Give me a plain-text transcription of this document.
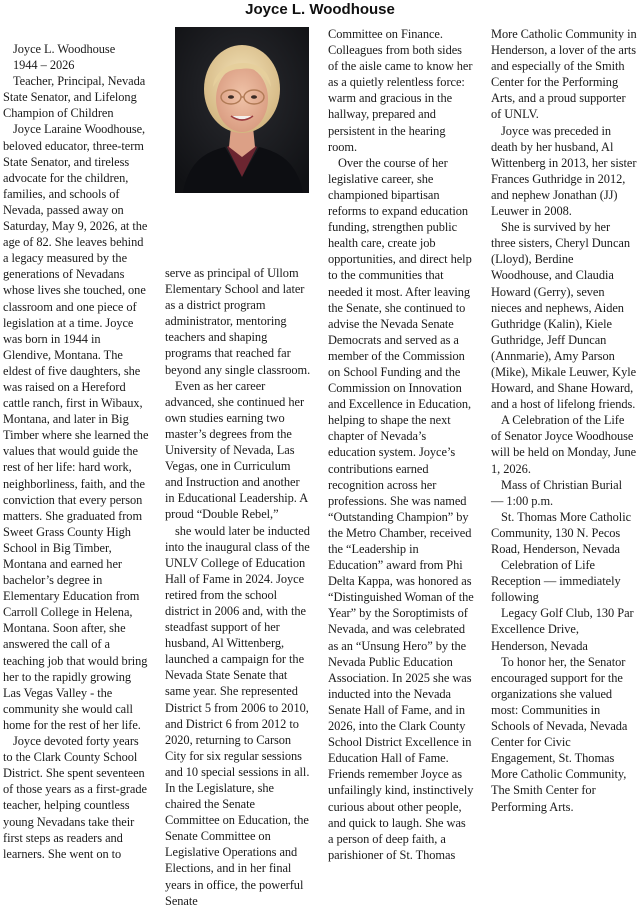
Joyce L. Woodhouse

Joyce L. Woodhouse

1944 – 2026

Teacher, Principal, Nevada State Senator, and Lifelong Champion of Children

Joyce Laraine Woodhouse, beloved educator, three-term State Senator, and tireless advocate for the children, families, and schools of Nevada, passed away on Saturday, May 9, 2026, at the age of 82. She leaves behind a legacy measured by the generations of Nevadans whose lives she touched, one classroom and one piece of legislation at a time. Joyce was born in 1944 in Glendive, Montana. The eldest of five daughters, she was raised on a Hereford cattle ranch, first in Wibaux, Montana, and later in Big Timber where she learned the values that would guide the rest of her life: hard work, neighborliness, faith, and the conviction that every person matters. She graduated from Sweet Grass County High School in Big Timber, Montana and earned her bachelor’s degree in Elementary Education from Carroll College in Helena, Montana. Soon after, she answered the call of a teaching job that would bring her to the rapidly growing Las Vegas Valley - the community she would call home for the rest of her life.

Joyce devoted forty years to the Clark County School District. She spent seventeen of those years as a first-grade teacher, helping countless young Nevadans take their first steps as readers and learners. She went on to

serve as principal of Ullom Elementary School and later as a district program administrator, mentoring teachers and shaping programs that reached far beyond any single classroom.

Even as her career advanced, she continued her own studies earning two master’s degrees from the University of Nevada, Las Vegas, one in Curriculum and Instruction and another in Educational Leadership. A proud “Double Rebel,”

she would later be inducted into the inaugural class of the UNLV College of Education Hall of Fame in 2024. Joyce retired from the school district in 2006 and, with the steadfast support of her husband, Al Wittenberg, launched a campaign for the Nevada State Senate that same year. She represented District 5 from 2006 to 2010, and District 6 from 2012 to 2020, returning to Carson City for six regular sessions and 10 special sessions in all. In the Legislature, she chaired the Senate Committee on Education, the Senate Committee on Legislative Operations and Elections, and in her final years in office, the powerful Senate

Committee on Finance. Colleagues from both sides of the aisle came to know her as a quietly relentless force: warm and gracious in the hallway, prepared and persistent in the hearing room.

Over the course of her legislative career, she championed bipartisan reforms to expand education funding, strengthen public health care, create job opportunities, and direct help to the communities that needed it most. After leaving the Senate, she continued to advise the Nevada Senate Democrats and served as a member of the Commission on School Funding and the Commission on Innovation and Excellence in Education, helping to shape the next chapter of Nevada’s education system. Joyce’s contributions earned recognition across her professions. She was named “Outstanding Champion” by the Metro Chamber, received the “Leadership in Education” award from Phi Delta Kappa, was honored as “Distinguished Woman of the Year” by the Soroptimists of Nevada, and was celebrated as an “Unsung Hero” by the Nevada Public Education Association. In 2025 she was inducted into the Nevada Senate Hall of Fame, and in 2026, into the Clark County School District Excellence in Education Hall of Fame. Friends remember Joyce as unfailingly kind, instinctively curious about other people, and quick to laugh. She was a person of deep faith, a parishioner of St. Thomas

More Catholic Community in Henderson, a lover of the arts and especially of the Smith Center for the Performing Arts, and a proud supporter of UNLV.

Joyce was preceded in death by her husband, Al Wittenberg in 2013, her sister Frances Guthridge in 2012, and nephew Jonathan (JJ) Leuwer in 2008.

She is survived by her three sisters, Cheryl Duncan (Lloyd), Berdine Woodhouse, and Claudia Howard (Gerry), seven nieces and nephews, Aiden Guthridge (Kalin), Kiele Guthridge, Jeff Duncan (Annmarie), Amy Parson (Mike), Mikale Leuwer, Kyle Howard, and Shane Howard, and a host of lifelong friends.

A Celebration of the Life of Senator Joyce Woodhouse will be held on Monday, June 1, 2026.

Mass of Christian Burial — 1:00 p.m.

St. Thomas More Catholic Community, 130 N. Pecos Road, Henderson, Nevada

Celebration of Life Reception — immediately following

Legacy Golf Club, 130 Par Excellence Drive, Henderson, Nevada

To honor her, the Senator encouraged support for the organizations she valued most: Communities in Schools of Nevada, Nevada Center for Civic Engagement, St. Thomas More Catholic Community, The Smith Center for Performing Arts.
